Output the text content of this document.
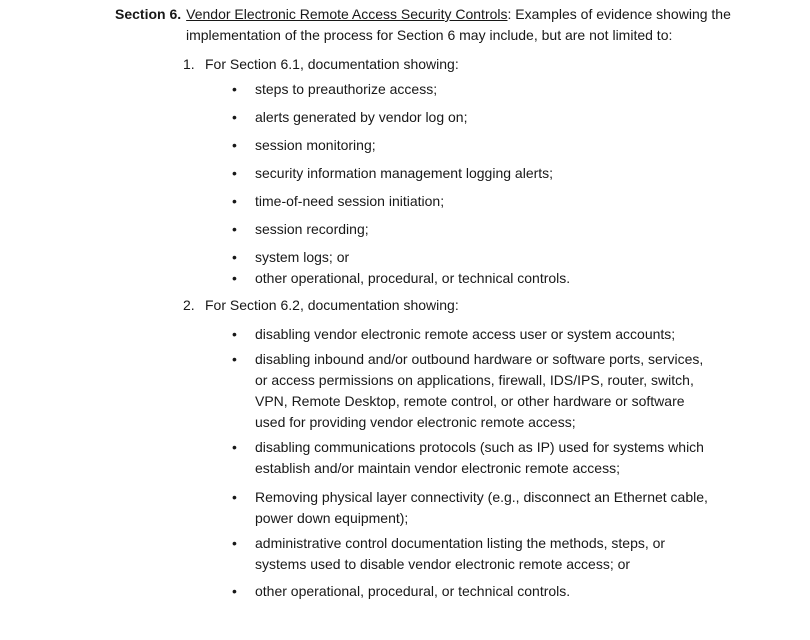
Section 6. Vendor Electronic Remote Access Security Controls: Examples of evidence showing the implementation of the process for Section 6 may include, but are not limited to:
1. For Section 6.1, documentation showing:
•	steps to preauthorize access;
•	alerts generated by vendor log on;
•	session monitoring;
•	security information management logging alerts;
•	time-of-need session initiation;
•	session recording;
•	system logs; or
•	other operational, procedural, or technical controls.
2. For Section 6.2, documentation showing:
•	disabling vendor electronic remote access user or system accounts;
•	disabling inbound and/or outbound hardware or software ports, services, or access permissions on applications, firewall, IDS/IPS, router, switch, VPN, Remote Desktop, remote control, or other hardware or software used for providing vendor electronic remote access;
•	disabling communications protocols (such as IP) used for systems which establish and/or maintain vendor electronic remote access;
•	Removing physical layer connectivity (e.g., disconnect an Ethernet cable, power down equipment);
•	administrative control documentation listing the methods, steps, or systems used to disable vendor electronic remote access; or
•	other operational, procedural, or technical controls.
